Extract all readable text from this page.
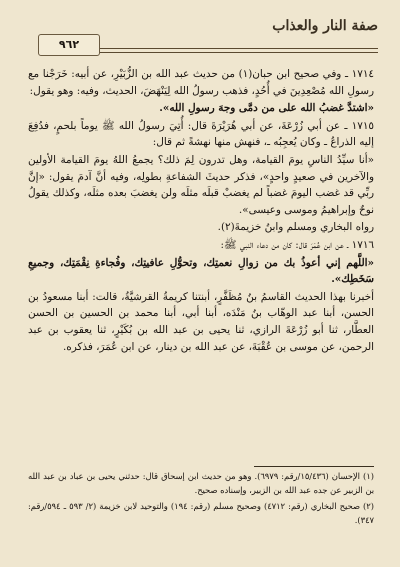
صفة النار والعذاب
٩٦٢

١٧١٤ ـ وفي صحيح ابن حبان(١) من حديث عبد الله بن الزُّبَيْرِ، عن أبيه: خَرَجْنا مع رسولِ الله مُصْعِدِينَ في أُحُدٍ، فذهب رسولُ الله لِيَنْهَضَ، الحديث، وفيه: وهو يقول:

«اشتدَّ غضبُ الله على من دمَّى وجهَ رسولِ الله».

١٧١٥ ـ عن أبي زُرْعَةَ، عن أبي هُرَيْرَةَ قال: أُتِيَ رسولُ الله ﷺ يوماً بلحمٍ، فدُفِعَ إليه الذراعُ ـ وكان يُعجِبُه ـ، فنهش منها نهشةً ثم قال:

«أنا سيِّدُ الناسِ يومَ القيامة، وهل تدرون لِمَ ذلك؟ يجمعُ اللهُ يومَ القيامة الأولين والآخرين في صعيدٍ واحدٍ»، فذكر حديثَ الشفاعةِ بطولِه، وفيه أنَّ آدمَ يقول: «إنَّ ربِّي قد غضب اليومَ غضباً لم يغضبْ قبلَه مثلَه ولن يغضبَ بعده مثلَه، وكذلك يقولُ نوحٌ وإبراهيمُ وموسى وعيسى».

رواه البخاري ومسلم وابنُ خزيمةَ(٢).

١٧١٦ ـ عن ابن عُمَرَ قال: كان من دعاء النبي ﷺ:

«اللَّهم إني أعوذُ بك من زوالِ نعمتِك، وتحوُّلِ عافيتِك، وفُجاءةِ نِقْمَتِك، وجميعِ سَخَطِك».

أخبرنا بهذا الحديث القاسمُ بنُ مُظَفَّرٍ، أبنتنا كريمةُ القرشيَّةُ، قالت: أبنا مسعودُ بن الحسن، أبنا عبد الوهّاب بنُ مَنْدَه، أبنا أبي، أبنا محمد بن الحسين بن الحسن العطَّار، ثنا أبو زُرْعَةَ الرازي، ثنا يحيى بن عبد الله بن بُكَيْرٍ، ثنا يعقوب بن عبد الرحمن، عن موسى بن عُقْبَةَ، عن عبد الله بن دينار، عن ابن عُمَرَ، فذكره.

(١) الإحسان (١٥/٤٣٦/رقم: ٦٩٧٩). وهو من حديث ابن إسحاق قال: حدثني يحيى بن عباد بن عبد الله بن الزبير عن جده عبد الله بن الزبير، وإسناده صحيح.

(٢) صحيح البخاري (رقم: ٤٧١٢) وصحيح مسلم (رقم: ١٩٤) والتوحيد لابن خزيمة (٢/ ٥٩٣ ـ ٥٩٤/رقم: ٣٤٧).
